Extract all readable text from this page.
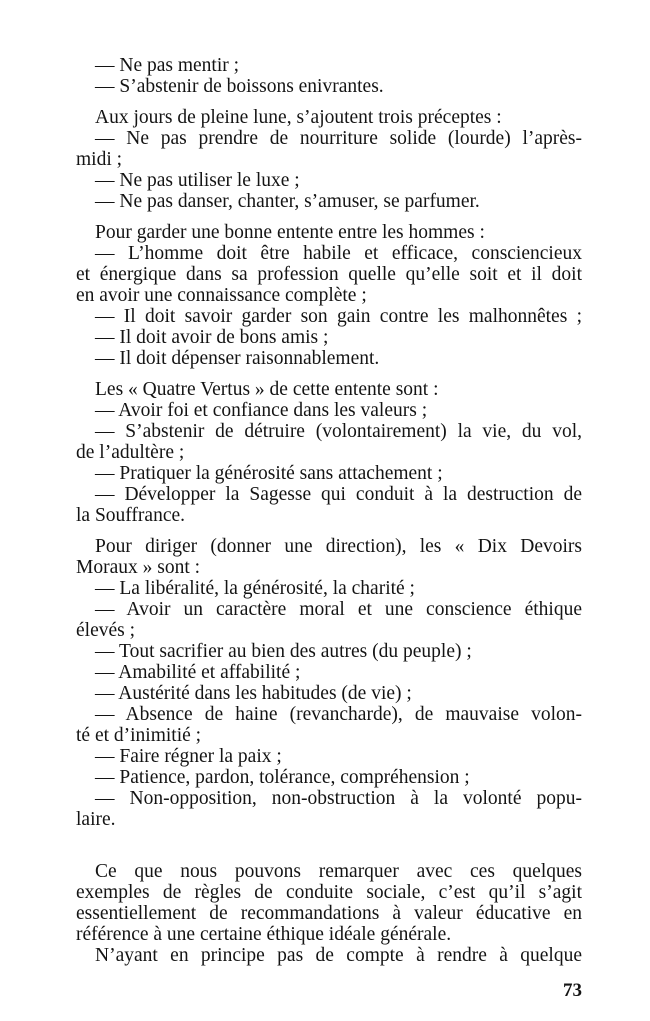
— Ne pas mentir ;
— S’abstenir de boissons enivrantes.
Aux jours de pleine lune, s’ajoutent trois préceptes :
— Ne pas prendre de nourriture solide (lourde) l’après-
midi ;
— Ne pas utiliser le luxe ;
— Ne pas danser, chanter, s’amuser, se parfumer.
Pour garder une bonne entente entre les hommes :
— L’homme doit être habile et efficace, consciencieux
et énergique dans sa profession quelle qu’elle soit et il doit
en avoir une connaissance complète ;
— Il doit savoir garder son gain contre les malhonnêtes ;
— Il doit avoir de bons amis ;
— Il doit dépenser raisonnablement.
Les « Quatre Vertus » de cette entente sont :
— Avoir foi et confiance dans les valeurs ;
— S’abstenir de détruire (volontairement) la vie, du vol,
de l’adultère ;
— Pratiquer la générosité sans attachement ;
— Développer la Sagesse qui conduit à la destruction de
la Souffrance.
Pour diriger (donner une direction), les « Dix Devoirs
Moraux » sont :
— La libéralité, la générosité, la charité ;
— Avoir un caractère moral et une conscience éthique
élevés ;
— Tout sacrifier au bien des autres (du peuple) ;
— Amabilité et affabilité ;
— Austérité dans les habitudes (de vie) ;
— Absence de haine (revancharde), de mauvaise volon-
té et d’inimitié ;
— Faire régner la paix ;
— Patience, pardon, tolérance, compréhension ;
— Non-opposition, non-obstruction à la volonté popu-
laire.
Ce que nous pouvons remarquer avec ces quelques
exemples de règles de conduite sociale, c’est qu’il s’agit
essentiellement de recommandations à valeur éducative en
référence à une certaine éthique idéale générale.
N’ayant en principe pas de compte à rendre à quelque
73
